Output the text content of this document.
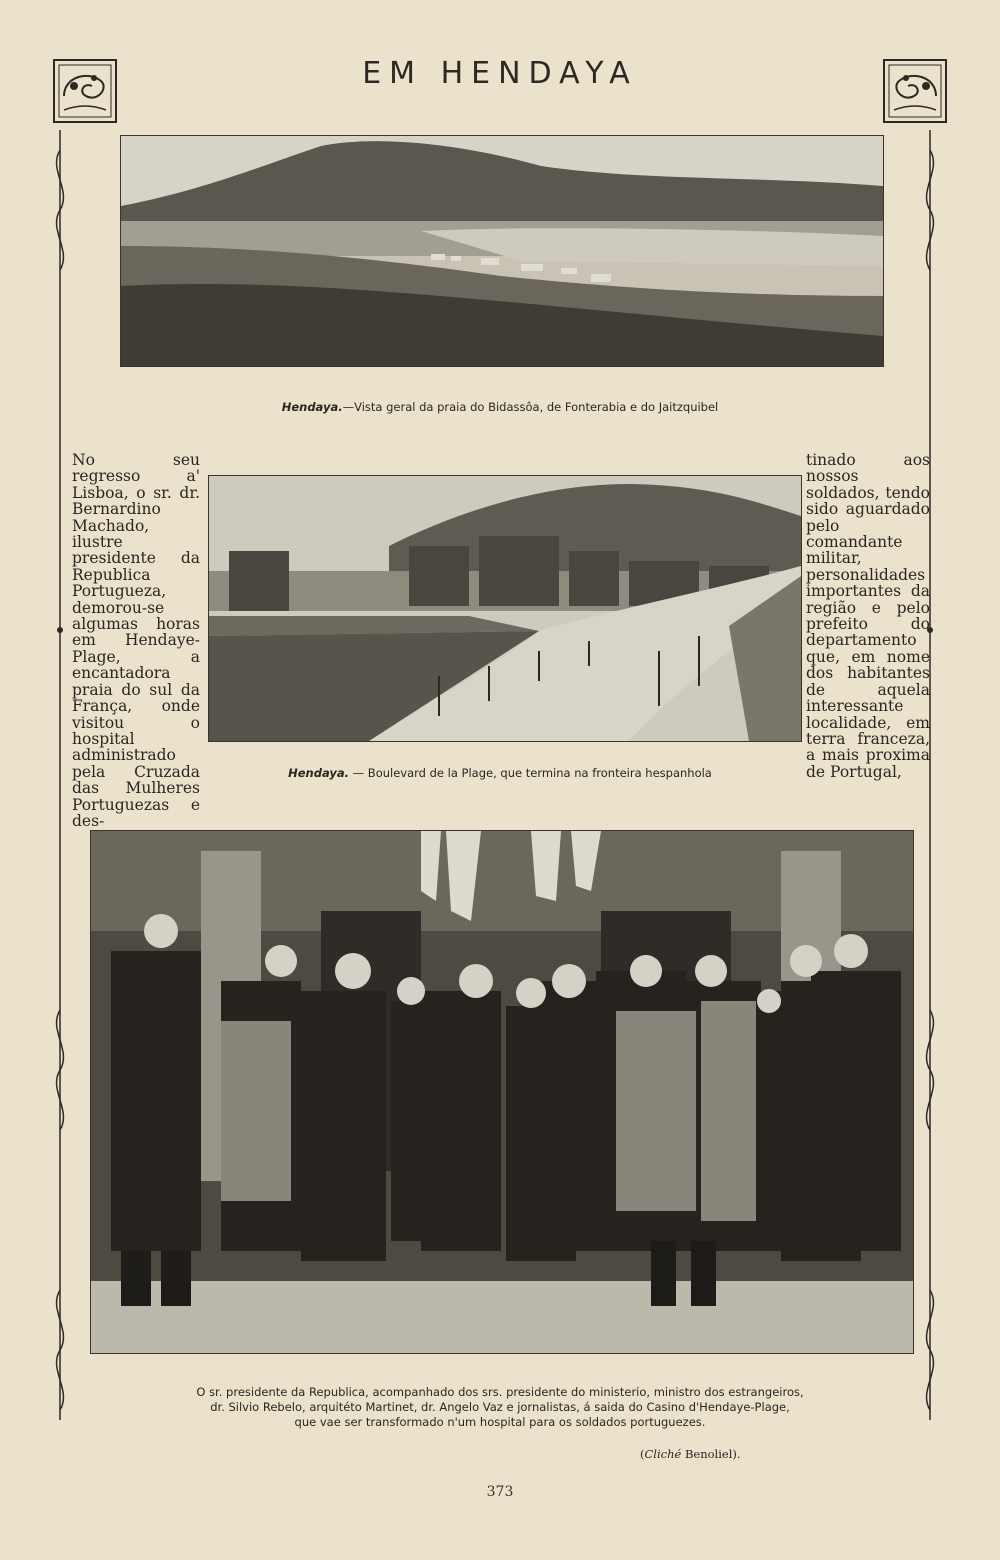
EM HENDAYA
Hendaya.—Vista geral da praia do Bidassôa, de Fonterabia e do Jaitzquibel

No seu regresso a' Lisboa, o sr. dr. Bernardino Machado, ilustre presidente da Republica Portugueza, demorou-se algumas horas em Hendaye-Plage, a encantadora praia do sul da França, onde visitou o hospital administrado pela Cruzada das Mulheres Portuguezas e des-

Hendaya. — Boulevard de la Plage, que termina na fronteira hespanhola

tinado aos nossos soldados, tendo sido aguardado pelo comandante militar, personalidades importantes da região e pelo prefeito do departamento que, em nome dos habitantes de aquela interessante localidade, em terra franceza, a mais proxima de Portugal,

O sr. presidente da Republica, acompanhado dos srs. presidente do ministerio, ministro dos estrangeiros,
dr. Silvio Rebelo, arquitéto Martinet, dr. Angelo Vaz e jornalistas, á saida do Casino d'Hendaye-Plage,
que vae ser transformado n'um hospital para os soldados portuguezes.
(Cliché Benoliel).
373
